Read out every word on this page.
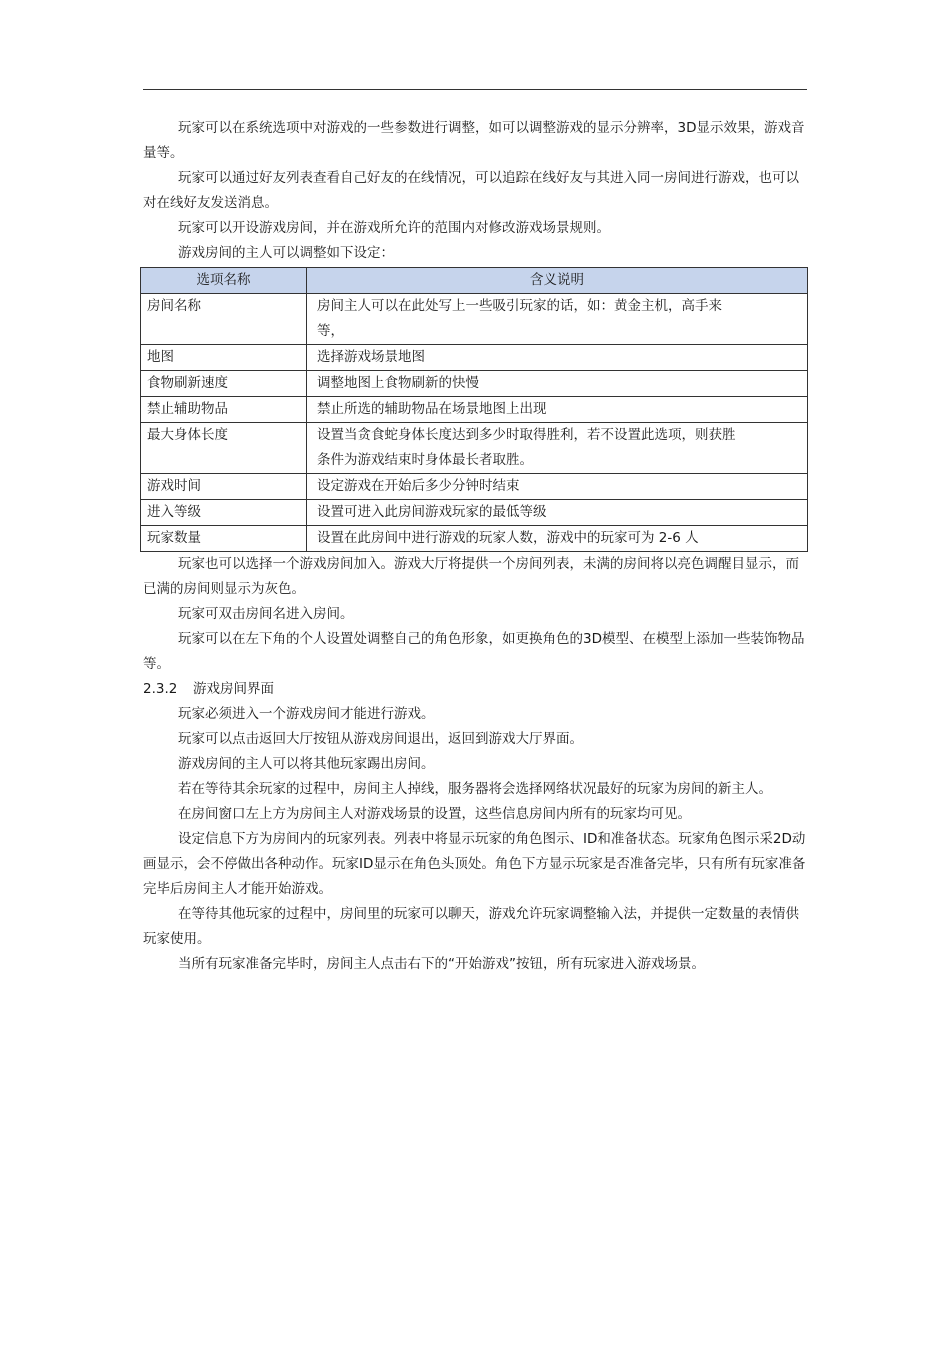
玩家可以在系统选项中对游戏的一些参数进行调整，如可以调整游戏的显示分辨率，3D显示效果，游戏音量等。

玩家可以通过好友列表查看自己好友的在线情况，可以追踪在线好友与其进入同一房间进行游戏，也可以对在线好友发送消息。

玩家可以开设游戏房间，并在游戏所允许的范围内对修改游戏场景规则。

游戏房间的主人可以调整如下设定：

选项名称	含义说明
房间名称	房间主人可以在此处写上一些吸引玩家的话，如：黄金主机，高手来等，
地图	选择游戏场景地图
食物刷新速度	调整地图上食物刷新的快慢
禁止辅助物品	禁止所选的辅助物品在场景地图上出现
最大身体长度	设置当贪食蛇身体长度达到多少时取得胜利，若不设置此选项，则获胜条件为游戏结束时身体最长者取胜。
游戏时间	设定游戏在开始后多少分钟时结束
进入等级	设置可进入此房间游戏玩家的最低等级
玩家数量	设置在此房间中进行游戏的玩家人数，游戏中的玩家可为 2-6 人

玩家也可以选择一个游戏房间加入。游戏大厅将提供一个房间列表，未满的房间将以亮色调醒目显示，而已满的房间则显示为灰色。

玩家可双击房间名进入房间。

玩家可以在左下角的个人设置处调整自己的角色形象，如更换角色的3D模型、在模型上添加一些装饰物品等。

2.3.2 游戏房间界面

玩家必须进入一个游戏房间才能进行游戏。

玩家可以点击返回大厅按钮从游戏房间退出，返回到游戏大厅界面。

游戏房间的主人可以将其他玩家踢出房间。

若在等待其余玩家的过程中，房间主人掉线，服务器将会选择网络状况最好的玩家为房间的新主人。

在房间窗口左上方为房间主人对游戏场景的设置，这些信息房间内所有的玩家均可见。

设定信息下方为房间内的玩家列表。列表中将显示玩家的角色图示、ID和准备状态。玩家角色图示采2D动画显示，会不停做出各种动作。玩家ID显示在角色头顶处。角色下方显示玩家是否准备完毕，只有所有玩家准备完毕后房间主人才能开始游戏。

在等待其他玩家的过程中，房间里的玩家可以聊天，游戏允许玩家调整输入法，并提供一定数量的表情供玩家使用。

当所有玩家准备完毕时，房间主人点击右下的“开始游戏”按钮，所有玩家进入游戏场景。
